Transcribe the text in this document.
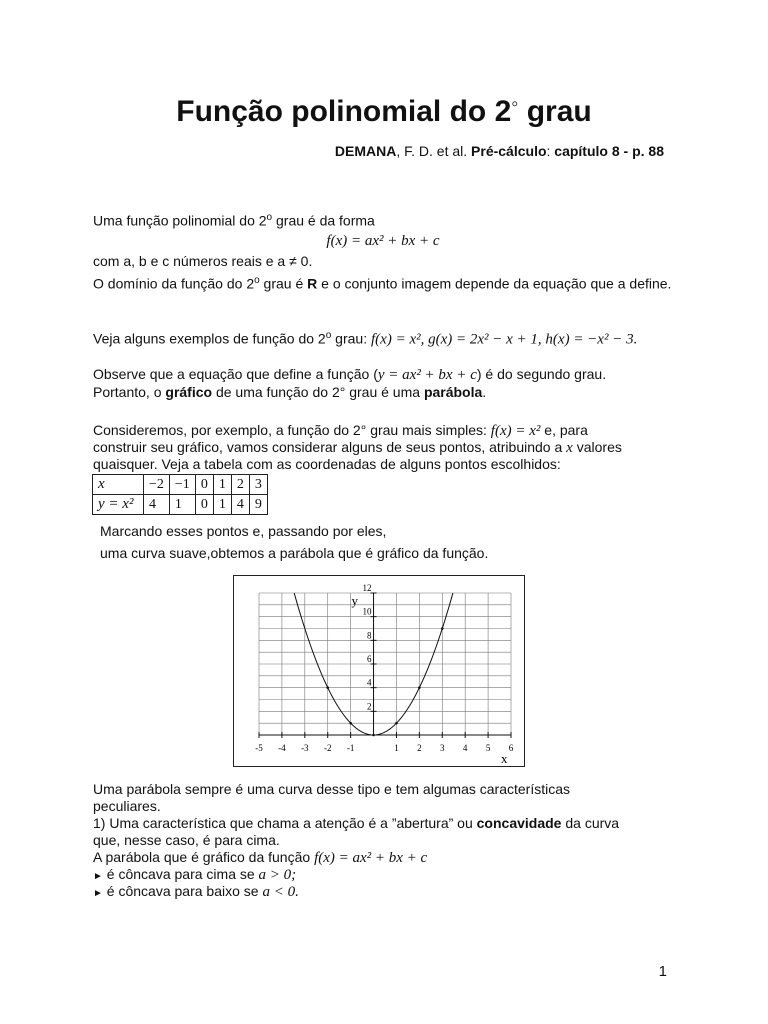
Função polinomial do 2◦ grau
DEMANA, F. D. et al. Pré-cálculo: capítulo 8 - p. 88
Uma função polinomial do 2$^o$ grau é da forma
f(x) = ax² + bx + c
com a, b e c números reais e a ≠ 0.
O domínio da função do 2$^o$ grau é R e o conjunto imagem depende da equação que a define.
Veja alguns exemplos de função do 2$^o$ grau: f(x) = x², g(x) = 2x² − x + 1, h(x) = −x² − 3.
Observe que a equação que define a função (y = ax² + bx + c) é do segundo grau.
Portanto, o gráfico de uma função do 2° grau é uma parábola.
Consideremos, por exemplo, a função do 2° grau mais simples: f(x) = x² e, para
construir seu gráfico, vamos considerar alguns de seus pontos, atribuindo a x valores
quaisquer. Veja a tabela com as coordenadas de alguns pontos escolhidos:
x	−2	−1	0	1	2	3
y = x²	4	1	0	1	4	9
Marcando esses pontos e, passando por eles,
uma curva suave,obtemos a parábola que é gráfico da função.
-5 -4 -3 -2 -1	1 2 3 4 5 6
2
4
6
8
10
12
y
x
Uma parábola sempre é uma curva desse tipo e tem algumas características
peculiares.
1) Uma característica que chama a atenção é a ”abertura” ou concavidade da curva
que, nesse caso, é para cima.
A parábola que é gráfico da função f(x) = ax² + bx + c
► é côncava para cima se a > 0;
► é côncava para baixo se a < 0.
1
